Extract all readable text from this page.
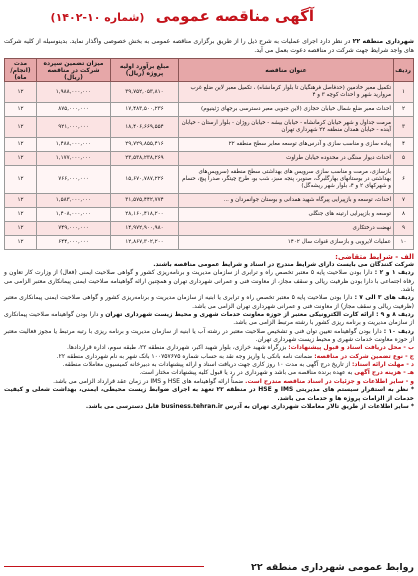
آگهی مناقصه عمومی (شماره ۱۰-۱۴۰۲)
شهرداری منطقه ۲۲ در نظر دارد اجرای عملیات به شرح ذیل را از طریق برگزاری مناقصه عمومی به بخش خصوصی واگذار نماید. بدینوسیله از کلیه شرکت های واجد شرایط جهت شرکت در مناقصه دعوت بعمل می آید.
ردیف	عنوان مناقصه	مبلغ برآورد اولیه پروژه (ریال)	میزان تضمین سپرده شرکت در مناقصه (ریال)	مدت (انجام/ماه)
۱	تکمیل معبر خادمین (حدفاصل فرهنگیان تا بلوار کرمانشاه) ، تکمیل معبر لاین ضلع غرب مروارید شهر و احداث کوچه ۳ و ۴	۳۹,۷۵۲,۰۵۳,۸۱۰	۱,۹۸۸,۰۰۰,۰۰۰	۱۲
۲	احداث معبر ضلع شمال خیابان حجازی (لاین جنوبی معبر دسترسی برجهای ژئینیوم)	۱۷,۴۸۳,۵۰۰,۲۳۶	۸۷۵,۰۰۰,۰۰۰	۱۲
۳	مرمت جداول و شهر خیابان کرمانشاه - خیابان بیشه - خیابان روژان - بلوار ارستان - خیابان آینده - خیابان همدان منطقه ۲۲ شهرداری تهران	۱۸,۴۰۶,۶۶۹,۵۵۴	۹۲۱,۰۰۰,۰۰۰	۱۲
۴	پیاده سازی و مناسب سازی و آدرس‌های توسعه معابر سطح منطقه ۲۲	۲۹,۷۲۹,۸۵۵,۴۱۶	۱,۴۸۸,۰۰۰,۰۰۰	۱۲
۵	احداث دیوار سنگی در محدوده خیابان طراوت	۲۳,۵۳۸,۲۳۸,۲۶۹	۱,۱۷۷,۰۰۰,۰۰۰	۱۲
۶	بازسازی، مرمت و مناسب سازی سرویس های بهداشتی سطح منطقه (سرویس‌های بهداشتی در بوستانهای بهارگلبرگ، صنوبر، پنجه سبز، شب بو، طرح چیتگر، صدرا پیچ، حسام و شهرکهای ۲ و ۴، بلوار شهر ریشه‌گل)	۱۵,۶۷۰,۷۸۷,۲۲۶	۷۶۶,۰۰۰,۰۰۰	۱۲
۷	احداث، توسعه و بازپیرایی پیرگاه شهید همدانی و بوستان جوانمردان و ...	۳۱,۵۷۵,۴۴۲,۷۷۴	۱,۵۸۳,۰۰۰,۰۰۰	۱۲
۸	توسعه و بازپیرایی ارتینه های جنگلی	۲۸,۱۶۰,۴۱۸,۲۰۰	۱,۴۰۸,۰۰۰,۰۰۰	۱۲
۹	نهضت درختکاری	۱۴,۹۷۲,۹۰۰,۹۸۰	۷۴۹,۰۰۰,۰۰۰	۱۲
۱۰	عملیات لایروبی و بازسازی قنوات سال ۱۴۰۲	۱۲,۸۶۷,۳۰۲,۲۰۰	۶۴۴,۰۰۰,۰۰۰	۱۲
الف - شرایط متقاضی:
شرکت کنندگان می بایست دارای شرایط مندرج در اسناد و شرایط عمومی مناقصه باشند.
ردیف ۱ و ۲ : دارا بودن صلاحیت پایه ۵ معتبر تخصص راه و ترابری از سازمان مدیریت و برنامه‌ریزی کشور و گواهی صلاحیت ایمنی (فعال) از وزارت کار تعاون و رفاه اجتماعی با دارا بودن ظرفیت ریالی و سقف مجاز، از معاونت فنی و عمرانی شهرداری تهران و همچنین ارائه گواهینامه صلاحیت ایمنی پیمانکاری معتبر الزامی می باشد.
ردیف های ۳ الی ۷ : دارا بودن صلاحیت پایه ۵ معتبر تخصص راه و ترابری یا ابنیه از سازمان مدیریت و برنامه‌ریزی کشور و گواهی صلاحیت ایمنی پیمانکاری معتبر (ظرفیت ریالی و سقف مجاز) از معاونت فنی و عمرانی شهرداری تهران الزامی می باشد.
ردیف ۸ و ۹ : ارائه کارت الکترونیکی معتبر از حوزه معاونت خدمات شهری و محیط زیست شهرداری تهران و دارا بودن گواهینامه صلاحیت پیمانکاری از سازمان مدیریت و برنامه ریزی کشور با رشته مرتبط الزامی می باشد.
ردیف ۱۰ : دارا بودن گواهینامه تعیین توان فنی و تشخیص صلاحیت معتبر در رشته آب یا ابنیه از سازمان مدیریت و برنامه ریزی با رتبه مرتبط یا مجوز فعالیت معتبر از حوزه معاونت خدمات شهری و محیط زیست شهرداری تهران.
ب - محل دریافت اسناد و قبول پیشنهادات: بزرگراه شهید خرازی، بلوار شهید اکبر، شهرداری منطقه ۲۲، طبقه سوم، اداره قراردادها.
ج - نوع تضمین شرکت در مناقصه: ضمانت نامه بانکی یا واریز وجه نقد به حساب شماره ۱۰۰۷۵۷۶۷۵ بانک شهر به نام شهرداری منطقه ۲۲.
د - مهلت ارائه اسناد: از تاریخ درج آگهی به مدت ۱۰ روز کاری جهت دریافت اسناد و ارائه پیشنهادات به دبیرخانه کمیسیون معاملات منطقه.
هـ - هزینه درج آگهی به عهده برنده مناقصه می باشد و شهرداری در رد یا قبول کلیه پیشنهادات مختار است.
و - سایر اطلاعات و جزئیات در اسناد مناقصه مندرج است. ضمناً ارائه گواهینامه های HSE و IMS در زمان عقد قرارداد الزامی می باشد.
* نظر به استقرار سیستم های مدیریتی IMS و HSE در منطقه ۲۲ تعهد به اجرای ضوابط زیست محیطی، ایمنی، بهداشت شغلی و کیفیت خدمات از الزامات پروژه ها و خدمات می باشد.
* سایر اطلاعات از طریق تالار معاملات شهرداری تهران به آدرس business.tehran.ir قابل دسترسی می باشد.
روابط عمومی شهرداری منطقه ۲۲
